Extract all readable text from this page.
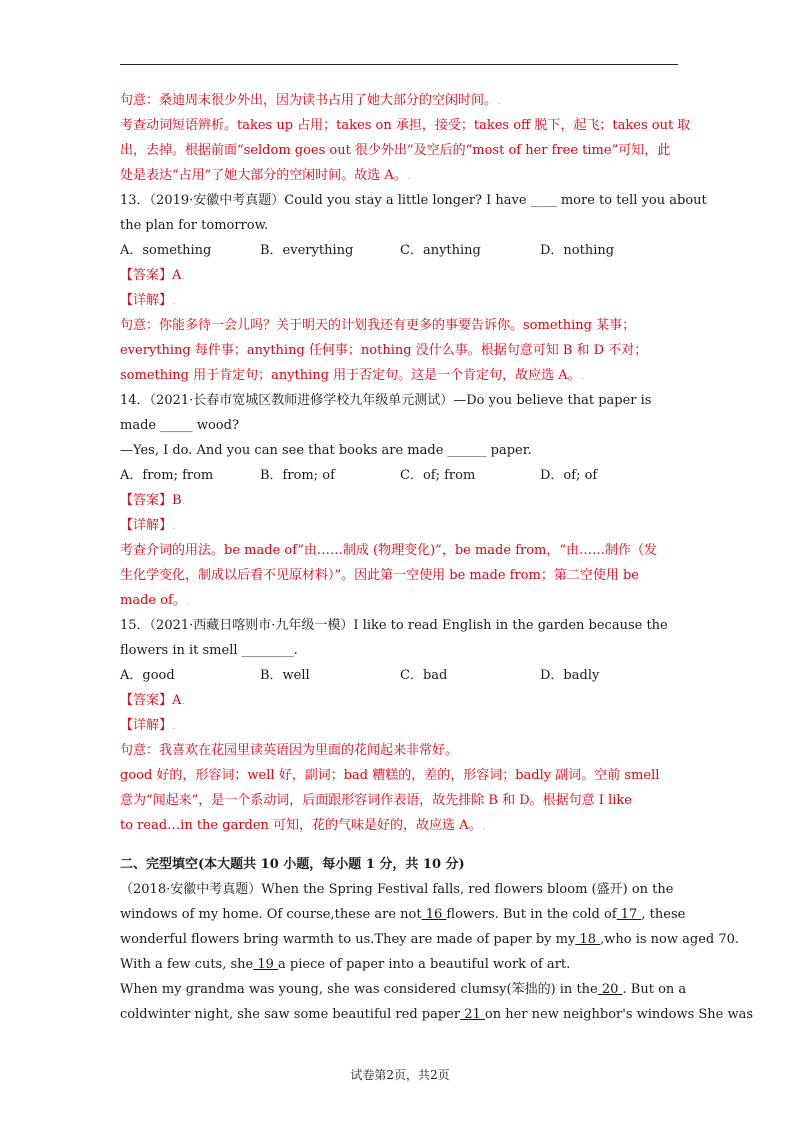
句意：桑迪周末很少外出，因为读书占用了她大部分的空闲时间。.
考查动词短语辨析。takes up 占用；takes on 承担，接受；takes off 脱下，起飞；takes out 取
出，去掉。根据前面“seldom goes out 很少外出”及空后的“most of her free time”可知，此
处是表达“占用”了她大部分的空闲时间。故选 A。.
13．（2019·安徽中考真题）Could you stay a little longer? I have ____ more to tell you about
the plan for tomorrow.
A．something	B．everything	C．anything	D．nothing
【答案】A.
【详解】.
句意：你能多待一会儿吗？关于明天的计划我还有更多的事要告诉你。something 某事；
everything 每件事；anything 任何事；nothing 没什么事。根据句意可知 B 和 D 不对；
something 用于肯定句；anything 用于否定句。这是一个肯定句，故应选 A。.
14．（2021·长春市宽城区教师进修学校九年级单元测试）—Do you believe that paper is
made _____ wood?
—Yes, I do. And you can see that books are made ______ paper.
A．from; from	B．from; of	C．of; from	D．of; of
【答案】B.
【详解】.
考查介词的用法。be made of“由……制成 (物理变化)”，be made from，“由……制作（发
生化学变化，制成以后看不见原材料）”。因此第一空使用 be made from；第二空使用 be
made of。.
15．（2021·西藏日喀则市·九年级一模）I like to read English in the garden because the
flowers in it smell ________.
A．good	B．well	C．bad	D．badly
【答案】A.
【详解】.
句意：我喜欢在花园里读英语因为里面的花闻起来非常好。
good 好的，形容词；well 好，副词；bad 糟糕的，差的，形容词；badly 副词。空前 smell
意为“闻起来”，是一个系动词，后面跟形容词作表语，故先排除 B 和 D。根据句意 I like
to read…in the garden 可知，花的气味是好的，故应选 A。.
二、完型填空(本大题共 10 小题，每小题 1 分，共 10 分)
（2018·安徽中考真题）When the Spring Festival falls, red flowers bloom (盛开) on the
windows of my home. Of course,these are not 16 flowers. But in the cold of 17 , these
wonderful flowers bring warmth to us.They are made of paper by my 18 ,who is now aged 70.
With a few cuts, she 19 a piece of paper into a beautiful work of art.
When my grandma was young, she was considered clumsy(笨拙的) in the 20 . But on a
coldwinter night, she saw some beautiful red paper 21 on her new neighbor's windows She was
试卷第2页，共2页
